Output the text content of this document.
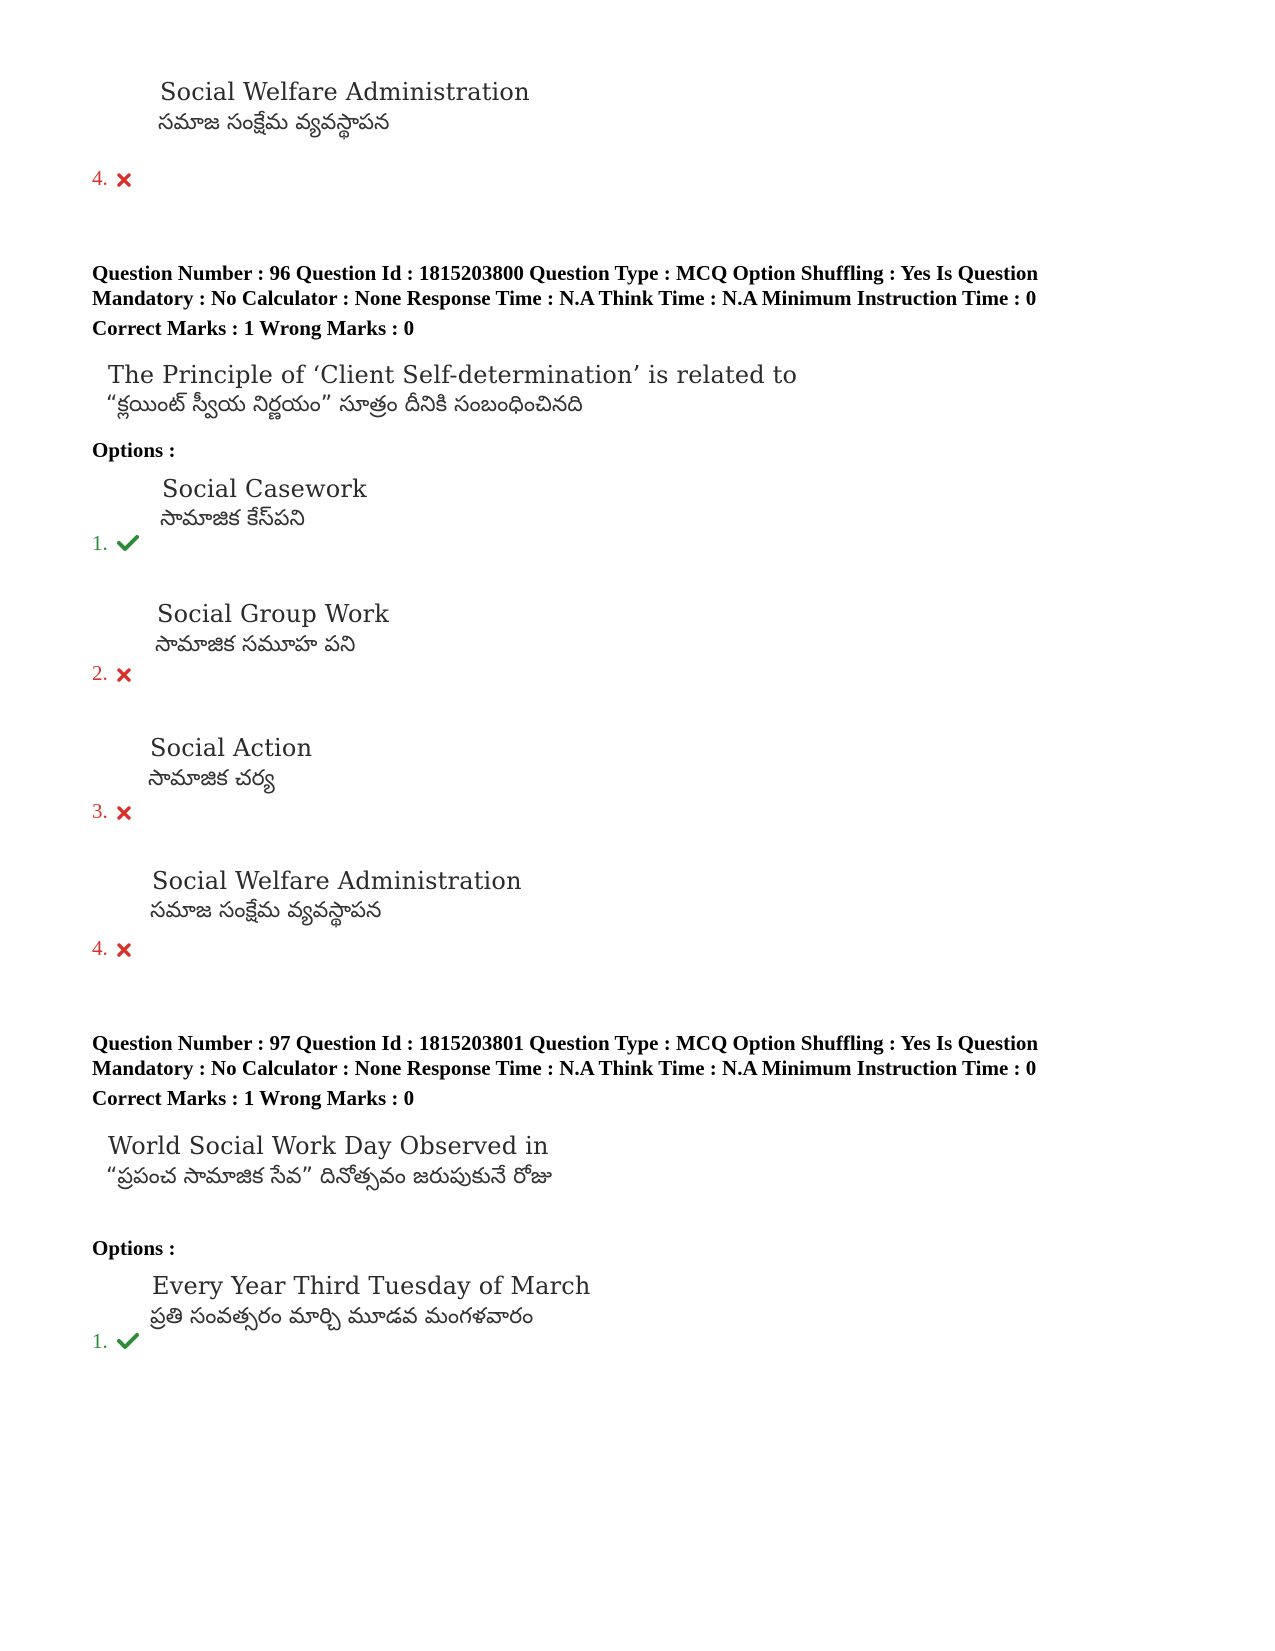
Social Welfare Administration
సమాజ సంక్షేమ వ్యవస్థాపన
4.
Question Number : 96 Question Id : 1815203800 Question Type : MCQ Option Shuffling : Yes Is Question
Mandatory : No Calculator : None Response Time : N.A Think Time : N.A Minimum Instruction Time : 0
Correct Marks : 1 Wrong Marks : 0
The Principle of ‘Client Self-determination’ is related to
“క్లయింట్ స్వీయ నిర్ణయం” సూత్రం దీనికి సంబంధించినది
Options :
Social Casework
సామాజిక కేస్‌పని
1.
Social Group Work
సామాజిక సమూహ పని
2.
Social Action
సామాజిక చర్య
3.
Social Welfare Administration
సమాజ సంక్షేమ వ్యవస్థాపన
4.
Question Number : 97 Question Id : 1815203801 Question Type : MCQ Option Shuffling : Yes Is Question
Mandatory : No Calculator : None Response Time : N.A Think Time : N.A Minimum Instruction Time : 0
Correct Marks : 1 Wrong Marks : 0
World Social Work Day Observed in
“ప్రపంచ సామాజిక సేవ” దినోత్సవం జరుపుకునే రోజు
Options :
Every Year Third Tuesday of March
ప్రతి సంవత్సరం మార్చి మూడవ మంగళవారం
1.
